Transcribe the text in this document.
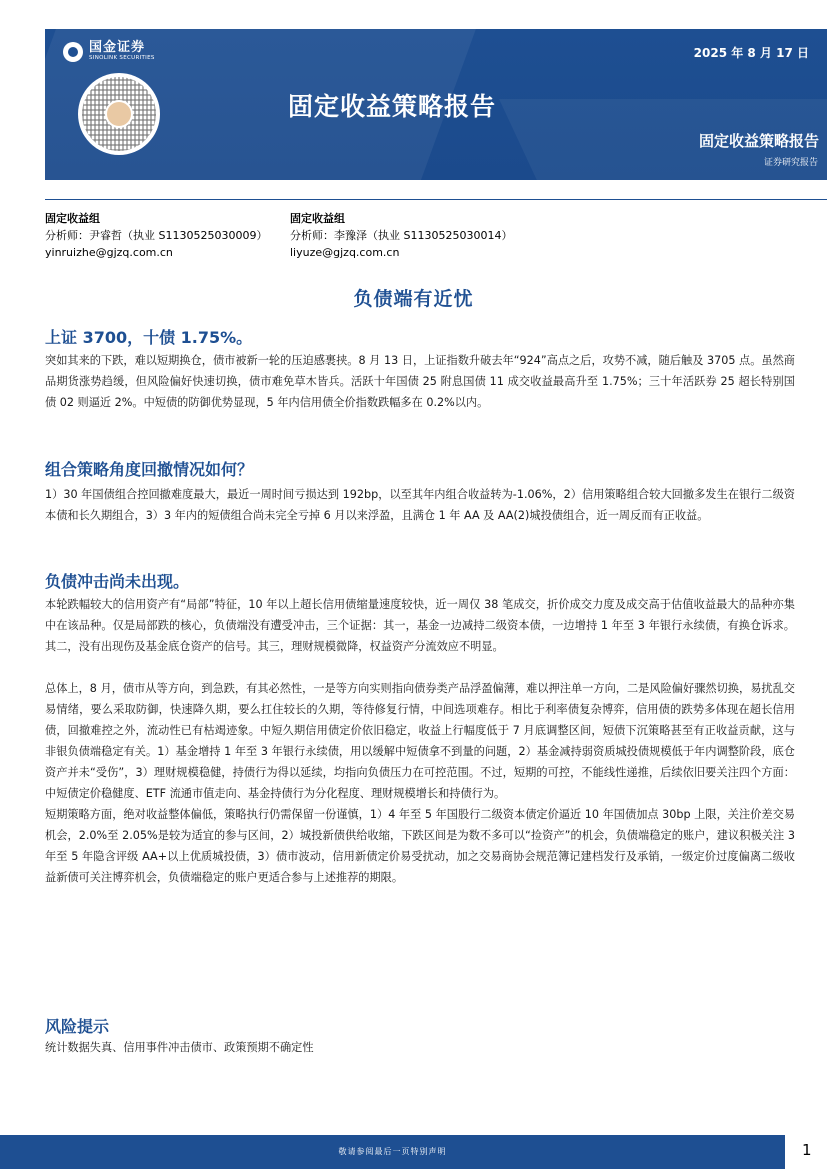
国金证券
SINOLINK SECURITIES	2025 年 8 月 17 日
固定收益策略报告
固定收益策略报告
证券研究报告
固定收益组
分析师：尹睿哲（执业 S1130525030009）
yinruizhe@gjzq.com.cn
固定收益组
分析师：李豫泽（执业 S1130525030014）
liyuze@gjzq.com.cn
负债端有近忧
上证 3700，十债 1.75%。
突如其来的下跌，难以短期换仓，债市被新一轮的压迫感裹挟。8 月 13 日，上证指数升破去年“924”高点之后，攻势不减，随后触及 3705 点。虽然商品期货涨势趋缓，但风险偏好快速切换，债市难免草木皆兵。活跃十年国债 25 附息国债 11 成交收益最高升至 1.75%；三十年活跃券 25 超长特别国债 02 则逼近 2%。中短债的防御优势显现，5 年内信用债全价指数跌幅多在 0.2%以内。
组合策略角度回撤情况如何？
1）30 年国债组合控回撤难度最大，最近一周时间亏损达到 192bp，以至其年内组合收益转为-1.06%，2）信用策略组合较大回撤多发生在银行二级资本债和长久期组合，3）3 年内的短债组合尚未完全亏掉 6 月以来浮盈，且满仓 1 年 AA 及 AA(2)城投债组合，近一周反而有正收益。
负债冲击尚未出现。
本轮跌幅较大的信用资产有“局部”特征，10 年以上超长信用债缩量速度较快，近一周仅 38 笔成交，折价成交力度及成交高于估值收益最大的品种亦集中在该品种。仅是局部跌的核心，负债端没有遭受冲击，三个证据：其一，基金一边减持二级资本债，一边增持 1 年至 3 年银行永续债，有换仓诉求。其二，没有出现伤及基金底仓资产的信号。其三，理财规模微降，权益资产分流效应不明显。
总体上，8 月，债市从等方向，到急跌，有其必然性，一是等方向实则指向债券类产品浮盈偏薄，难以押注单一方向，二是风险偏好骤然切换，易扰乱交易情绪，要么采取防御，快速降久期，要么扛住较长的久期，等待修复行情，中间选项难存。相比于利率债复杂博弈，信用债的跌势多体现在超长信用债，回撤难控之外，流动性已有枯竭迹象。中短久期信用债定价依旧稳定，收益上行幅度低于 7 月底调整区间，短债下沉策略甚至有正收益贡献，这与非银负债端稳定有关。1）基金增持 1 年至 3 年银行永续债，用以缓解中短债拿不到量的问题，2）基金减持弱资质城投债规模低于年内调整阶段，底仓资产并未“受伤”，3）理财规模稳健，持债行为得以延续，均指向负债压力在可控范围。不过，短期的可控，不能线性递推，后续依旧要关注四个方面：中短债定价稳健度、ETF 流通市值走向、基金持债行为分化程度、理财规模增长和持债行为。
短期策略方面，绝对收益整体偏低，策略执行仍需保留一份谨慎，1）4 年至 5 年国股行二级资本债定价逼近 10 年国债加点 30bp 上限，关注价差交易机会，2.0%至 2.05%是较为适宜的参与区间，2）城投新债供给收缩，下跌区间是为数不多可以“捡资产”的机会，负债端稳定的账户，建议积极关注 3 年至 5 年隐含评级 AA+以上优质城投债，3）债市波动，信用新债定价易受扰动，加之交易商协会规范簿记建档发行及承销，一级定价过度偏离二级收益新债可关注博弈机会，负债端稳定的账户更适合参与上述推荐的期限。
风险提示
统计数据失真、信用事件冲击债市、政策预期不确定性
敬请参阅最后一页特别声明	1
